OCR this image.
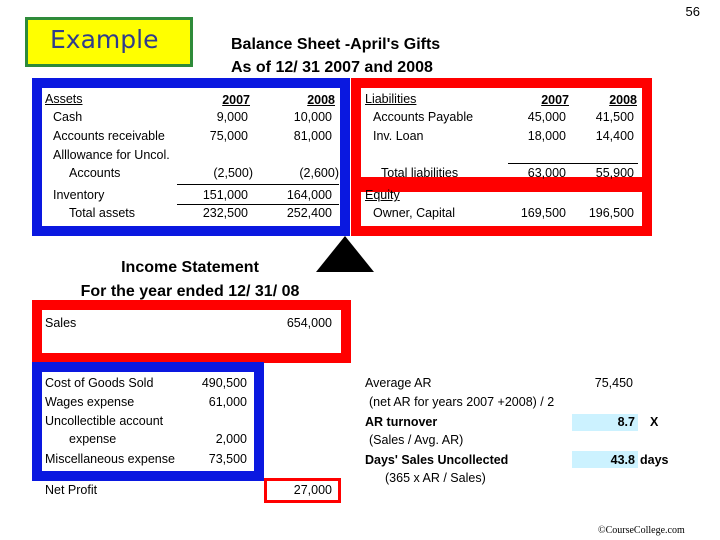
56
Example	Balance Sheet -April's Gifts
As of 12/ 31 2007 and 2008
Assets	2007	2008
Cash	9,000	10,000
Accounts receivable	75,000	81,000
Alllowance for Uncol.
Accounts	(2,500)	(2,600)
Inventory	151,000	164,000
Total assets	232,500	252,400
Liabilities	2007	2008
Accounts Payable	45,000	41,500
Inv. Loan	18,000	14,400
Total liabilities	63,000	55,900
Equity
Owner, Capital	169,500	196,500
Income Statement
For the year ended 12/ 31/ 08
Sales	654,000
Cost of Goods Sold	490,500
Wages expense	61,000
Uncollectible account
expense	2,000
Miscellaneous expense	73,500
Net Profit	27,000
Average AR	75,450
(net AR for years 2007 +2008) / 2
AR turnover	8.7 X
(Sales / Avg. AR)
Days' Sales Uncollected	43.8 days
(365 x AR / Sales)
©CourseCollege.com
